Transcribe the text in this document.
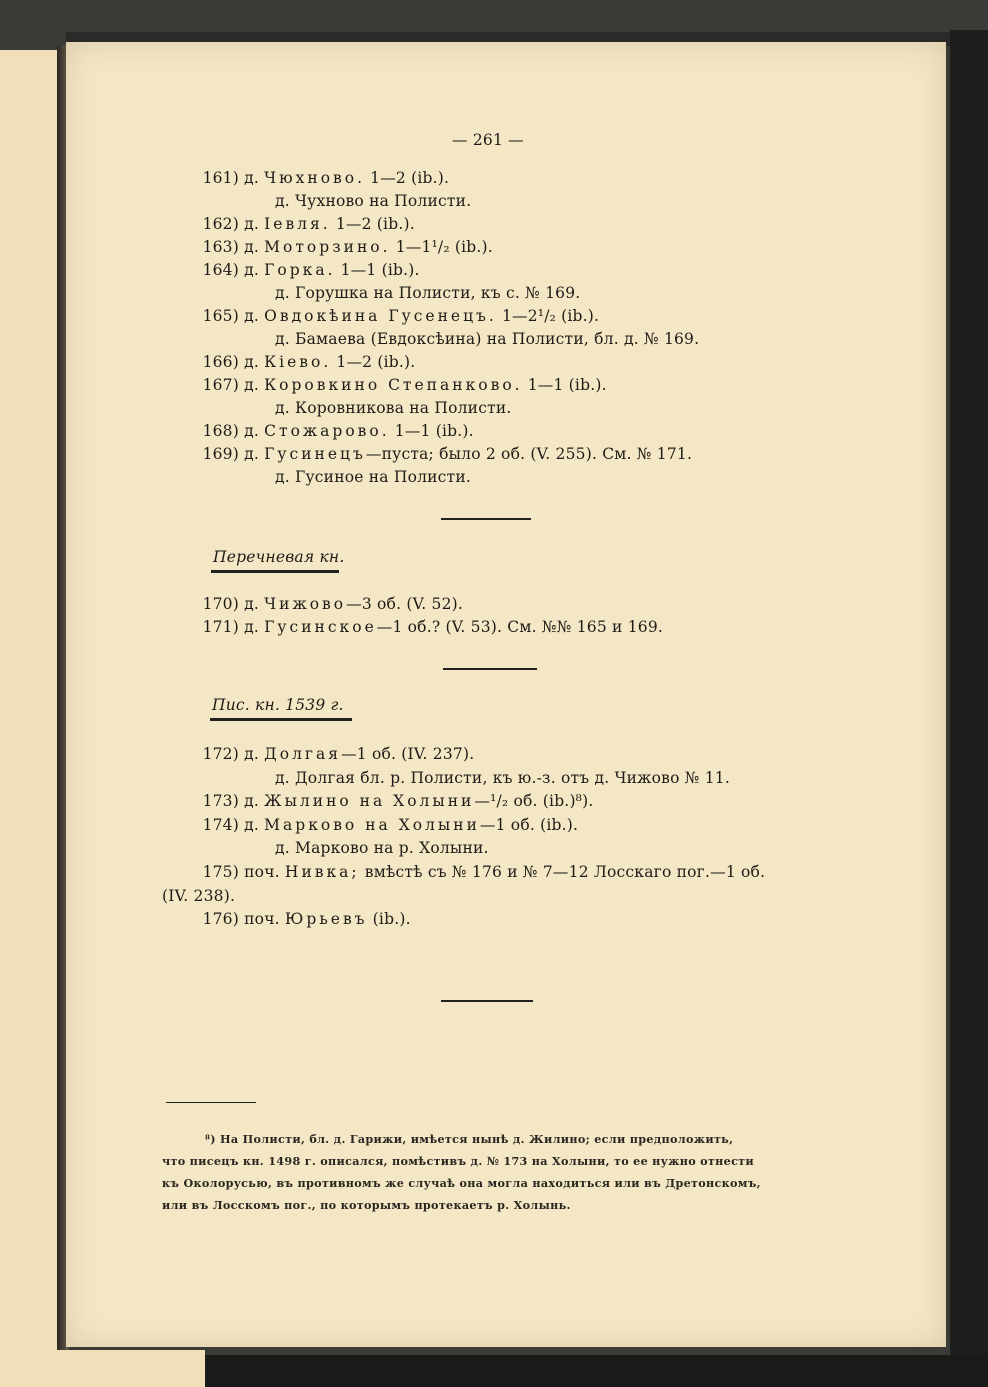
— 261 —
161) д. Чюхново. 1—2 (ib.).
д. Чухново на Полисти.
162) д. Іевля. 1—2 (ib.).
163) д. Моторзино. 1—1¹/₂ (ib.).
164) д. Горка. 1—1 (ib.).
д. Горушка на Полисти, къ с. № 169.
165) д. Овдокѣина Гусенецъ. 1—2¹/₂ (ib.).
д. Бамаева (Евдоксѣина) на Полисти, бл. д. № 169.
166) д. Кіево. 1—2 (ib.).
167) д. Коровкино Степанково. 1—1 (ib.).
д. Коровникова на Полисти.
168) д. Стожарово. 1—1 (ib.).
169) д. Гусинецъ—пуста; было 2 об. (V. 255). См. № 171.
д. Гусиное на Полисти.
Перечневая кн.
170) д. Чижово—3 об. (V. 52).
171) д. Гусинское—1 об.? (V. 53). См. №№ 165 и 169.
Пис. кн. 1539 г.
172) д. Долгая—1 об. (IV. 237).
д. Долгая бл. р. Полисти, къ ю.-з. отъ д. Чижово № 11.
173) д. Жылино на Холыни—¹/₂ об. (ib.)⁸).
174) д. Марково на Холыни—1 об. (ib.).
д. Марково на р. Холыни.
175) поч. Нивка; вмѣстѣ съ № 176 и № 7—12 Лосскаго пог.—1 об.
(IV. 238).
176) поч. Юрьевъ (ib.).
⁸) На Полисти, бл. д. Гарижи, имѣется нынѣ д. Жилино; если предположить,
что писецъ кн. 1498 г. описался, помѣстивъ д. № 173 на Холыни, то ее нужно отнести
къ Околорусью, въ противномъ же случаѣ она могла находиться или въ Дретонскомъ,
или въ Лосскомъ пог., по которымъ протекаетъ р. Холынь.
